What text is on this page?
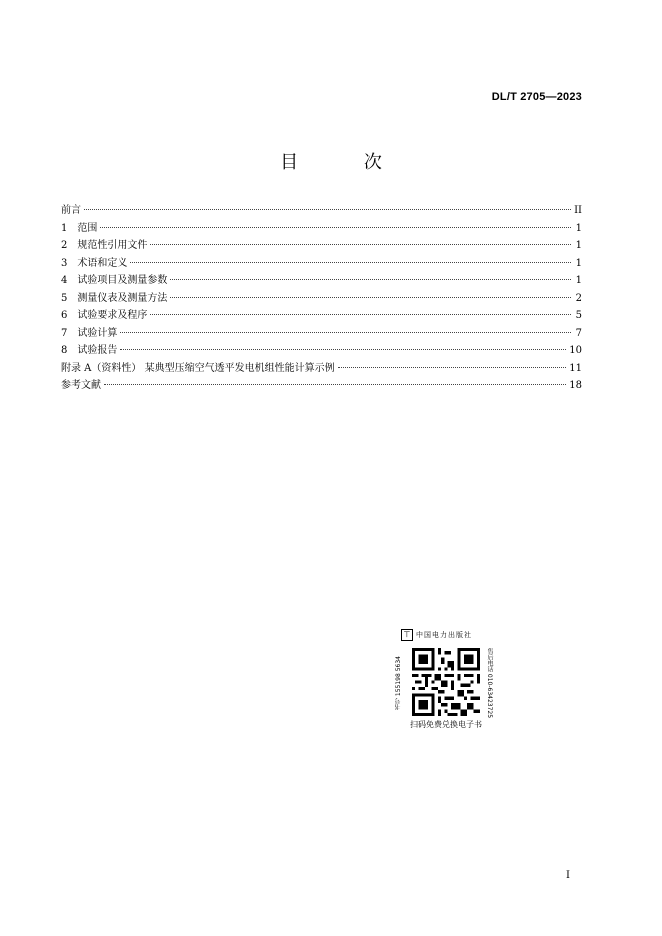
DL/T 2705—2023
目 次
前言	II
1 范围	1
2 规范性引用文件	1
3 术语和定义	1
4 试验项目及测量参数	1
5 测量仪表及测量方法	2
6 试验要求及程序	5
7 试验计算	7
8 试验报告	10
附录 A（资料性） 某典型压缩空气透平发电机组性能计算示例	11
参考文献	18
⊤ 中国电力出版社
书号 155198 5634	售后电话 010-63423725
扫码免费兑换电子书
I
